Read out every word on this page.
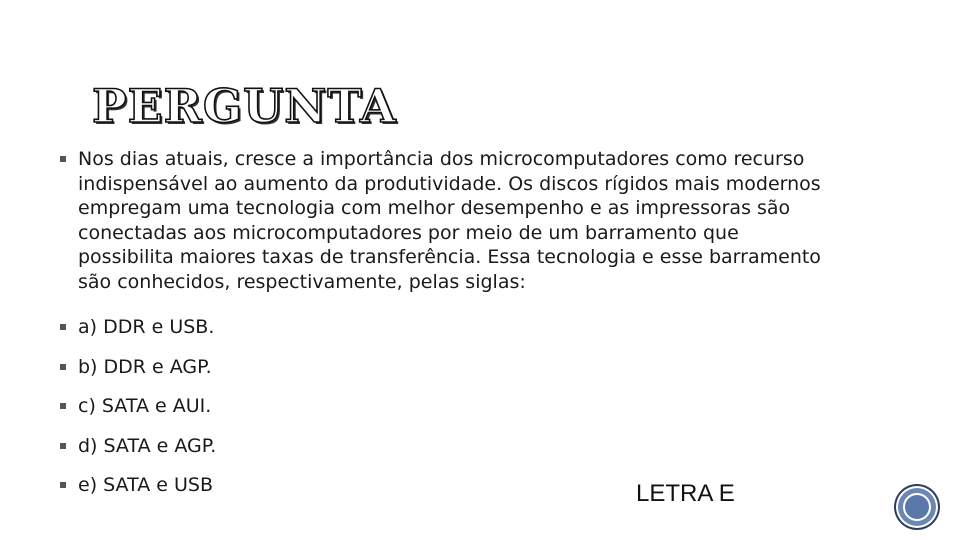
PERGUNTA
Nos dias atuais, cresce a importância dos microcomputadores como recurso indispensável ao aumento da produtividade. Os discos rígidos mais modernos empregam uma tecnologia com melhor desempenho e as impressoras são conectadas aos microcomputadores por meio de um barramento que possibilita maiores taxas de transferência. Essa tecnologia e esse barramento são conhecidos, respectivamente, pelas siglas:
a) DDR e USB.
b) DDR e AGP.
c) SATA e AUI.
d) SATA e AGP.
e) SATA e USB	LETRA E
